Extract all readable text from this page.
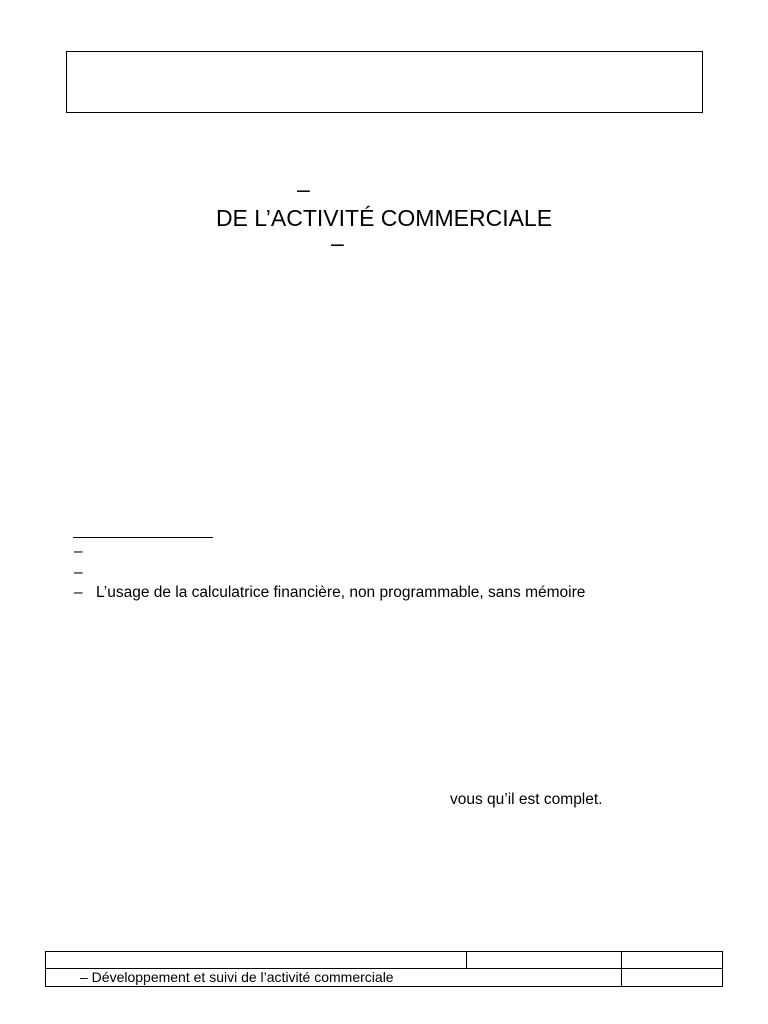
–
DE L’ACTIVITÉ COMMERCIALE
–
–
–
– L’usage de la calculatrice financière, non programmable, sans mémoire
vous qu’il est complet.
– Développement et suivi de l’activité commerciale
